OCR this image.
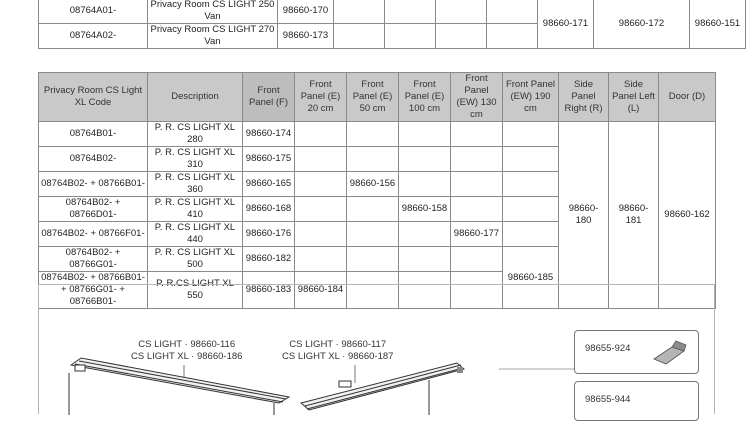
08764A01-	Privacy Room CS LIGHT 250 Van	98660-170					98660-171	98660-172	98660-151
08764A02-	Privacy Room CS LIGHT 270 Van	98660-173							
Privacy Room CS Light XL Code	Description	Front Panel (F)	Front Panel (E) 20 cm	Front Panel (E) 50 cm	Front Panel (E) 100 cm	Front Panel (EW) 130 cm	Front Panel (EW) 190 cm	Side Panel Right (R)	Side Panel Left (L)	Door (D)
08764B01-	P. R. CS LIGHT XL 280	98660-174						98660-180	98660-181	98660-162
08764B02-	P. R. CS LIGHT XL 310	98660-175								
08764B02- + 08766B01-	P. R. CS LIGHT XL 360	98660-165		98660-156						
08764B02- + 08766D01-	P. R. CS LIGHT XL 410	98660-168			98660-158					
08764B02- + 08766F01-	P. R. CS LIGHT XL 440	98660-176				98660-177				
08764B02- + 08766G01-	P. R. CS LIGHT XL 500	98660-182					98660-185			
08764B02- + 08766B01- + 08766G01- + 08766B01-	P. R.CS LIGHT XL 550	98660-183	98660-184							
CS LIGHT · 98660-116
CS LIGHT XL · 98660-186
CS LIGHT · 98660-117
CS LIGHT XL · 98660-187
98655-924
98655-944
